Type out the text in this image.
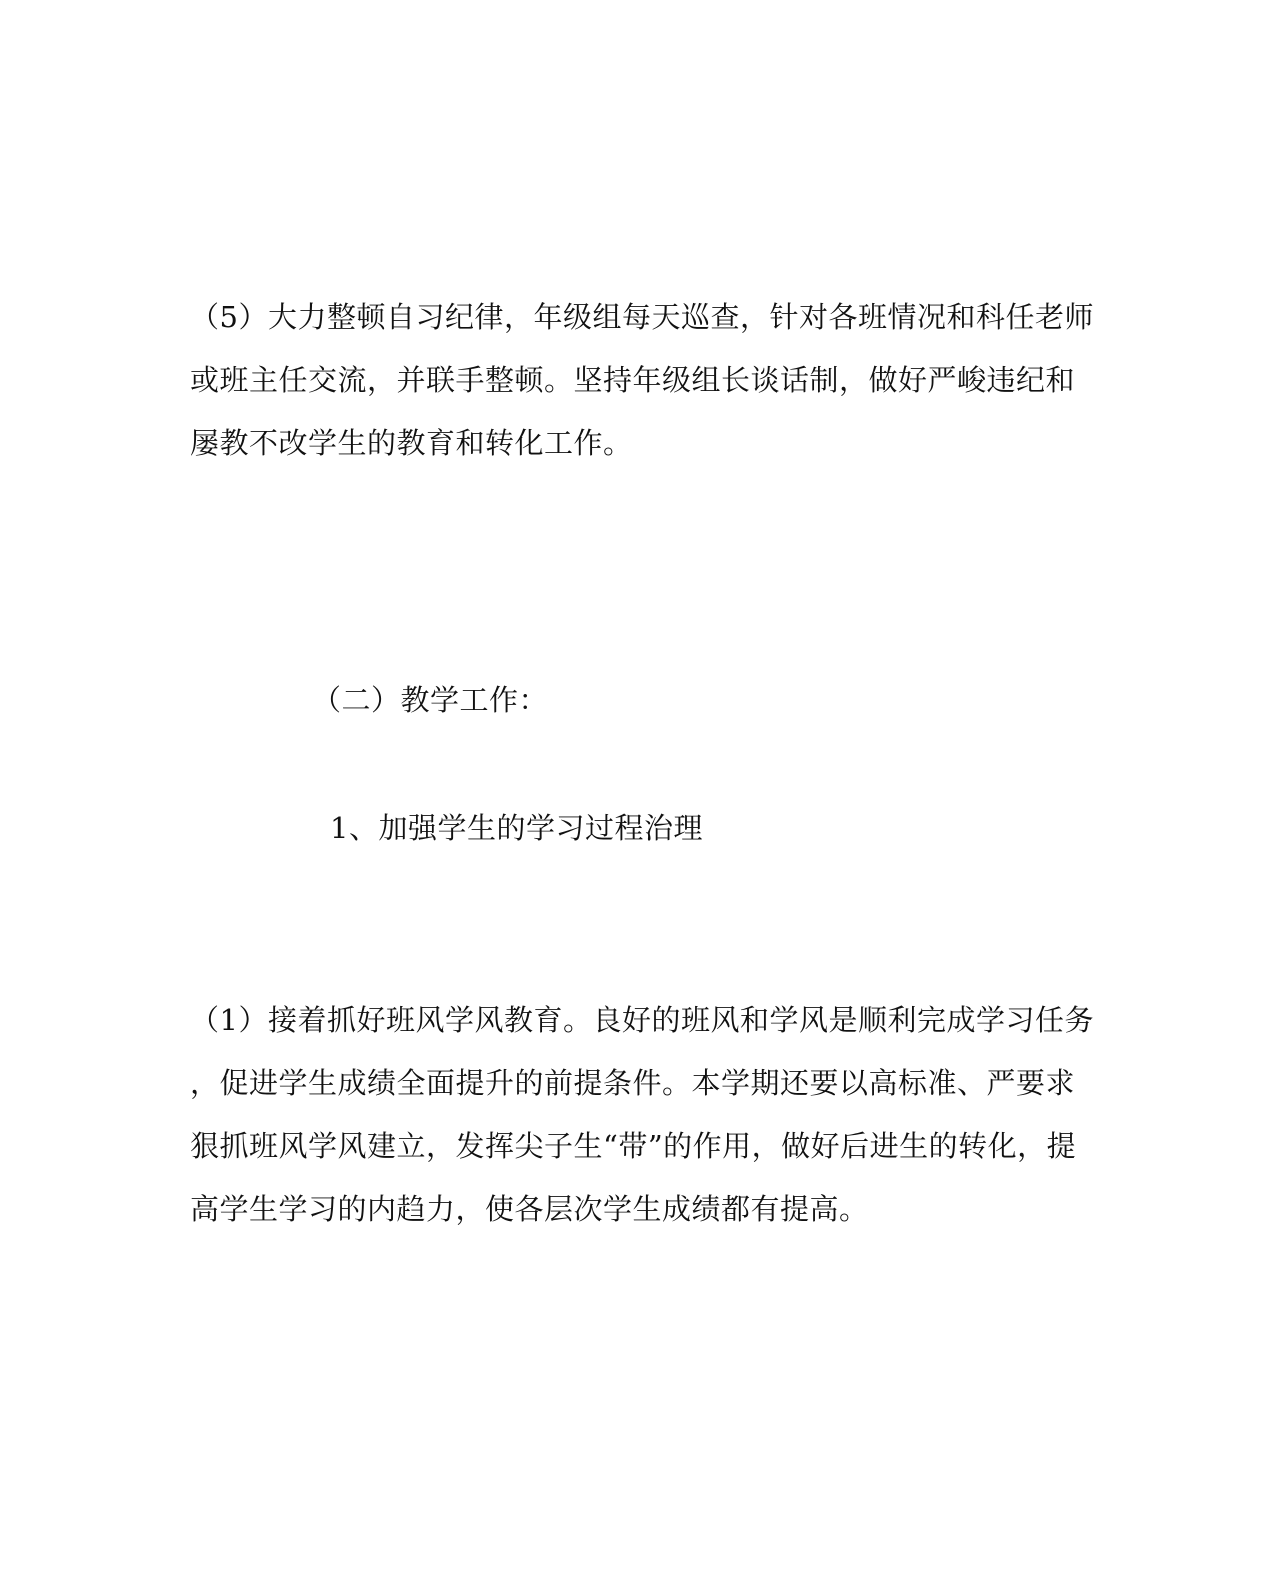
（5）大力整顿自习纪律，年级组每天巡查，针对各班情况和科任老师
或班主任交流，并联手整顿。坚持年级组长谈话制，做好严峻违纪和
屡教不改学生的教育和转化工作。
（二）教学工作：
1、加强学生的学习过程治理
（1）接着抓好班风学风教育。良好的班风和学风是顺利完成学习任务
，促进学生成绩全面提升的前提条件。本学期还要以高标准、严要求
狠抓班风学风建立，发挥尖子生“带”的作用，做好后进生的转化，提
高学生学习的内趋力，使各层次学生成绩都有提高。
